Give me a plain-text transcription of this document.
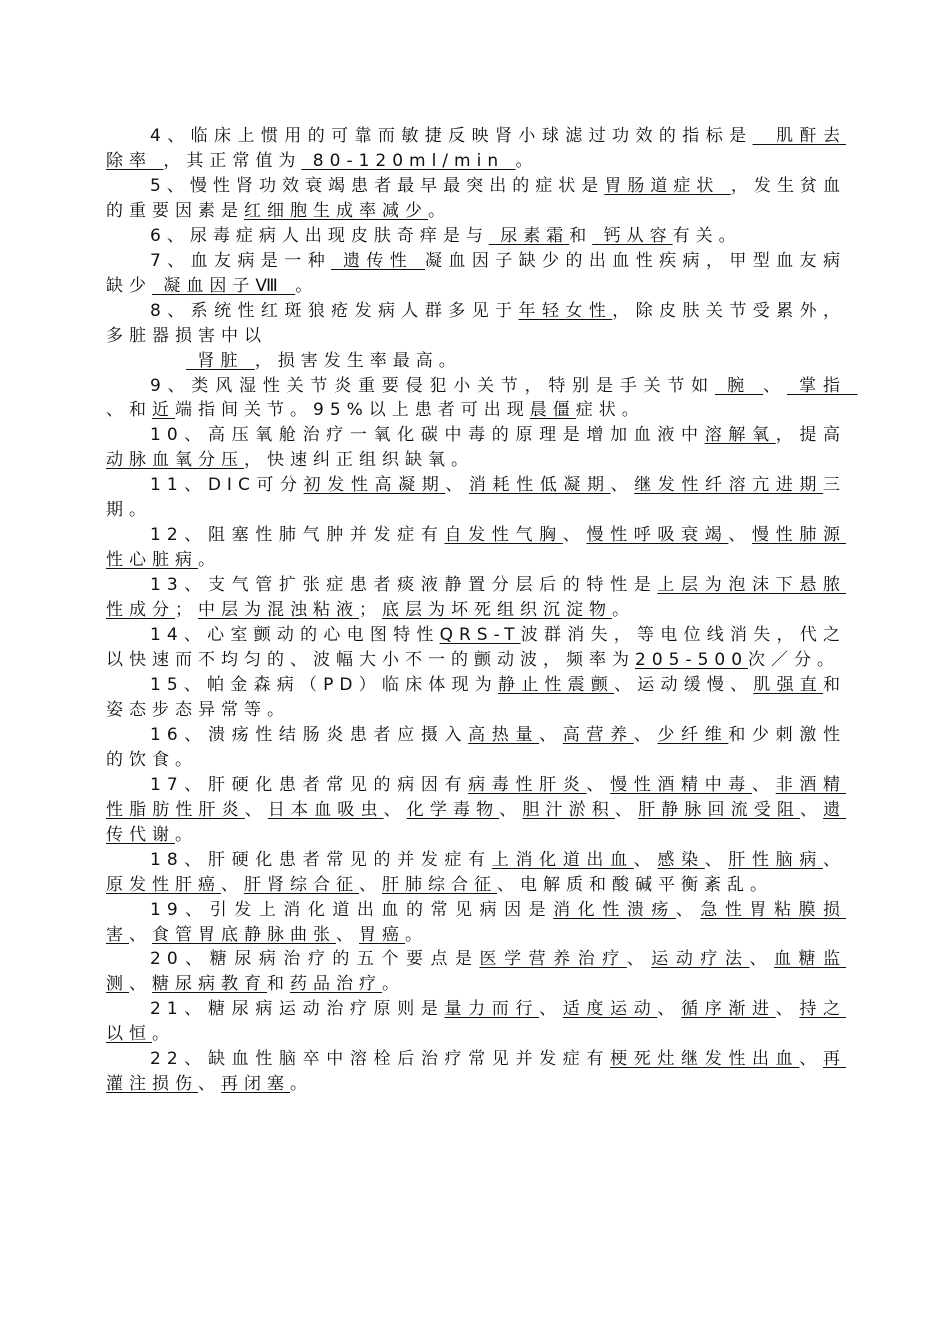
4、临床上惯用的可靠而敏捷反映肾小球滤过功效的指标是  肌酐去除率 ，其正常值为 80-120ml/min 。

5、慢性肾功效衰竭患者最早最突出的症状是胃肠道症状 ，发生贫血的重要因素是红细胞生成率减少。

6、尿毒症病人出现皮肤奇痒是与 尿素霜和 钙从容有关。

7、血友病是一种 遗传性 凝血因子缺少的出血性疾病，甲型血友病缺少 凝血因子Ⅷ 。

8、系统性红斑狼疮发病人群多见于年轻女性，除皮肤关节受累外，多脏器损害中以

肾脏 ，损害发生率最高。

9、类风湿性关节炎重要侵犯小关节，特别是手关节如 腕 、 掌指 、和近端指间关节。95%以上患者可出现晨僵症状。

10、高压氧舱治疗一氧化碳中毒的原理是增加血液中溶解氧，提高动脉血氧分压，快速纠正组织缺氧。

11、DIC可分初发性高凝期、消耗性低凝期、继发性纤溶亢进期三期。

12、阻塞性肺气肿并发症有自发性气胸、慢性呼吸衰竭、慢性肺源性心脏病。

13、支气管扩张症患者痰液静置分层后的特性是上层为泡沫下悬脓性成分；中层为混浊粘液；底层为坏死组织沉淀物。

14、心室颤动的心电图特性QRS-T波群消失，等电位线消失，代之以快速而不均匀的、波幅大小不一的颤动波，频率为205-500次／分。

15、帕金森病（PD）临床体现为静止性震颤、运动缓慢、肌强直和姿态步态异常等。

16、溃疡性结肠炎患者应摄入高热量、高营养、少纤维和少刺激性的饮食。

17、肝硬化患者常见的病因有病毒性肝炎、慢性酒精中毒、非酒精性脂肪性肝炎、日本血吸虫、化学毒物、胆汁淤积、肝静脉回流受阻、遗传代谢。

18、肝硬化患者常见的并发症有上消化道出血、感染、肝性脑病、原发性肝癌、肝肾综合征、肝肺综合征、电解质和酸碱平衡紊乱。

19、引发上消化道出血的常见病因是消化性溃疡、急性胃粘膜损害、食管胃底静脉曲张、胃癌。

20、糖尿病治疗的五个要点是医学营养治疗、运动疗法、血糖监测、糖尿病教育和药品治疗。

21、糖尿病运动治疗原则是量力而行、适度运动、循序渐进、持之以恒。

22、缺血性脑卒中溶栓后治疗常见并发症有梗死灶继发性出血、再灌注损伤、再闭塞。
